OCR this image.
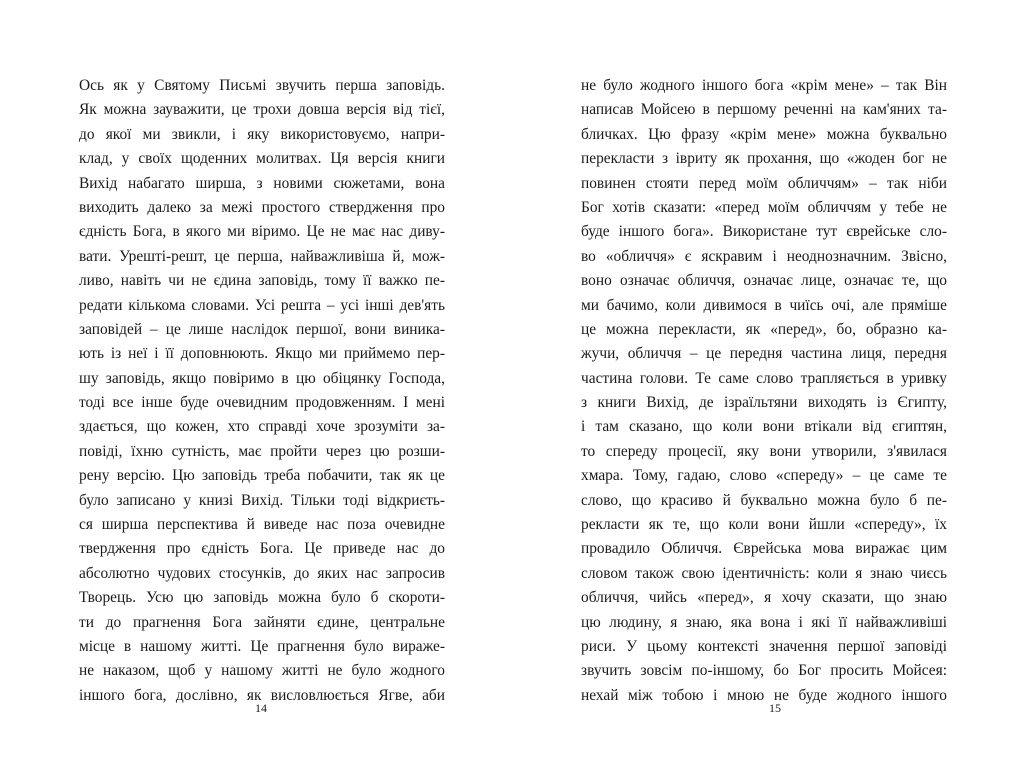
Ось як у Святому Письмі звучить перша заповідь.
Як можна зауважити, це трохи довша версія від тієї,
до якої ми звикли, і яку використовуємо, напри-
клад, у своїх щоденних молитвах. Ця версія книги
Вихід набагато ширша, з новими сюжетами, вона
виходить далеко за межі простого ствердження про
єдність Бога, в якого ми віримо. Це не має нас диву-
вати. Урешті-решт, це перша, найважливіша й, мож-
ливо, навіть чи не єдина заповідь, тому її важко пе-
редати кількома словами. Усі решта – усі інші дев'ять
заповідей – це лише наслідок першої, вони виника-
ють із неї і її доповнюють. Якщо ми приймемо пер-
шу заповідь, якщо повіримо в цю обіцянку Господа,
тоді все інше буде очевидним продовженням. І мені
здається, що кожен, хто справді хоче зрозуміти за-
повіді, їхню сутність, має пройти через цю розши-
рену версію. Цю заповідь треба побачити, так як це
було записано у книзі Вихід. Тільки тоді відкриєть-
ся ширша перспектива й виведе нас поза очевидне
твердження про єдність Бога. Це приведе нас до
абсолютно чудових стосунків, до яких нас запросив
Творець. Усю цю заповідь можна було б скороти-
ти до прагнення Бога зайняти єдине, центральне
місце в нашому житті. Це прагнення було вираже-
не наказом, щоб у нашому житті не було жодного
іншого бога, дослівно, як висловлюється Ягве, аби
14
не було жодного іншого бога «крім мене» – так Він
написав Мойсею в першому реченні на кам'яних та-
бличках. Цю фразу «крім мене» можна буквально
перекласти з івриту як прохання, що «жоден бог не
повинен стояти перед моїм обличчям» – так ніби
Бог хотів сказати: «перед моїм обличчям у тебе не
буде іншого бога». Використане тут єврейське сло-
во «обличчя» є яскравим і неоднозначним. Звісно,
воно означає обличчя, означає лице, означає те, що
ми бачимо, коли дивимося в чиїсь очі, але пряміше
це можна перекласти, як «перед», бо, образно ка-
жучи, обличчя – це передня частина лиця, передня
частина голови. Те саме слово трапляється в уривку
з книги Вихід, де ізраїльтяни виходять із Єгипту,
і там сказано, що коли вони втікали від єгиптян,
то спереду процесії, яку вони утворили, з'явилася
хмара. Тому, гадаю, слово «спереду» – це саме те
слово, що красиво й буквально можна було б пе-
рекласти як те, що коли вони йшли «спереду», їх
провадило Обличчя. Єврейська мова виражає цим
словом також свою ідентичність: коли я знаю чиєсь
обличчя, чийсь «перед», я хочу сказати, що знаю
цю людину, я знаю, яка вона і які її найважливіші
риси. У цьому контексті значення першої заповіді
звучить зовсім по-іншому, бо Бог просить Мойсея:
нехай між тобою і мною не буде жодного іншого
15
